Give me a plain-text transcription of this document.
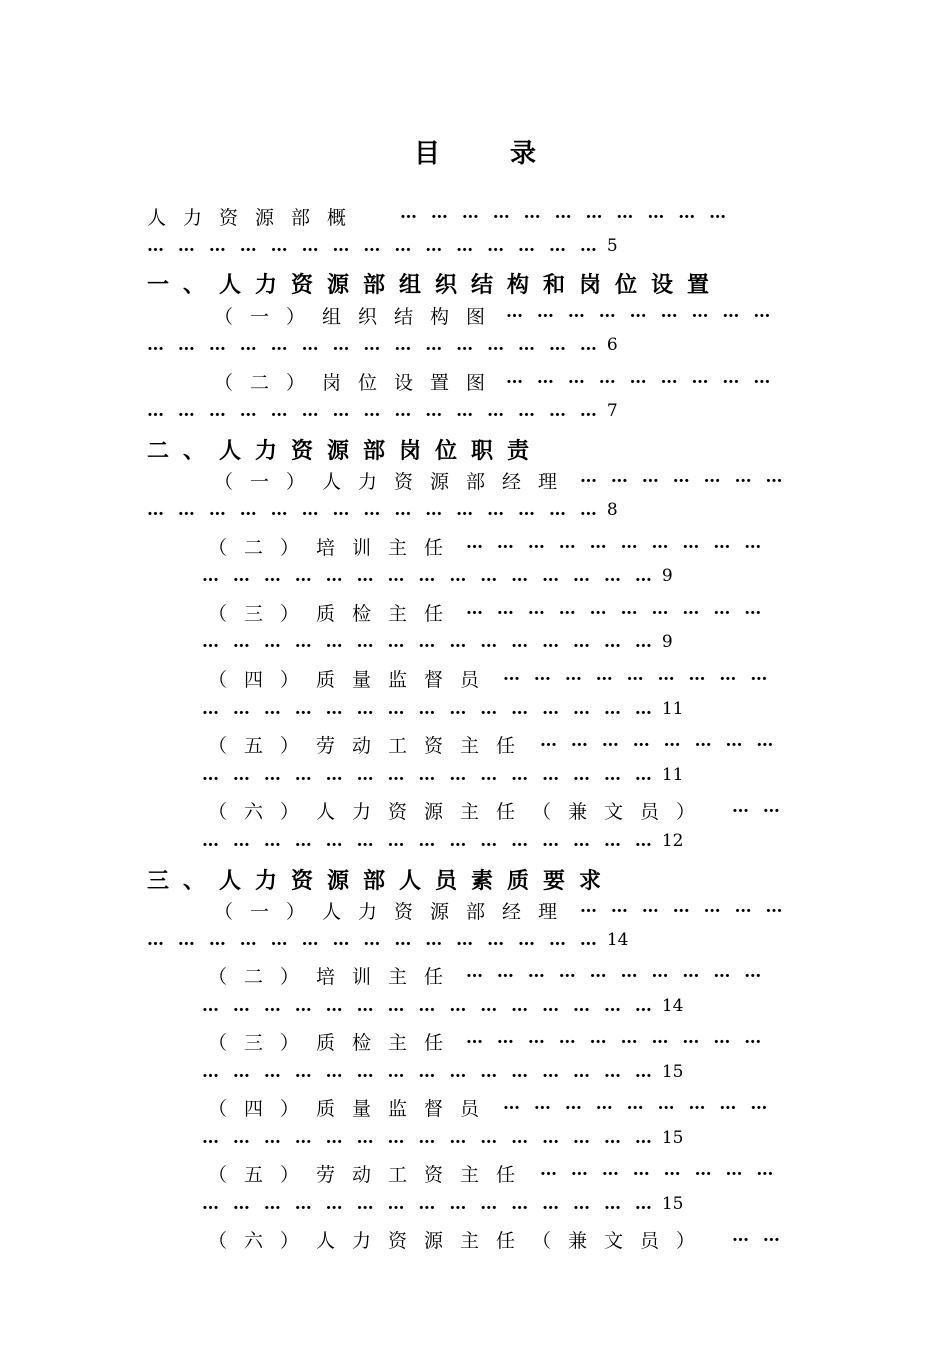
目	录
人力资源部概 … … … … … … … … … … …
… … … … … … … … … … … … … … … 5
一、人力资源部组织结构和岗位设置
（一）组织结构图 … … … … … … … … …
… … … … … … … … … … … … … … … 6
（二）岗位设置图 … … … … … … … … …
… … … … … … … … … … … … … … … 7
二、人力资源部岗位职责
（一）人力资源部经理 … … … … … … …
… … … … … … … … … … … … … … … 8
（二）培训主任 … … … … … … … … … …
… … … … … … … … … … … … … … … 9
（三）质检主任 … … … … … … … … … …
… … … … … … … … … … … … … … … 9
（四）质量监督员 … … … … … … … … …
… … … … … … … … … … … … … … … 11
（五）劳动工资主任 … … … … … … … …
… … … … … … … … … … … … … … … 11
（六）人力资源主任（兼文员） … …
… … … … … … … … … … … … … … … 12
三、人力资源部人员素质要求
（一）人力资源部经理 … … … … … … …
… … … … … … … … … … … … … … … 14
（二）培训主任 … … … … … … … … … …
… … … … … … … … … … … … … … … 14
（三）质检主任 … … … … … … … … … …
… … … … … … … … … … … … … … … 15
（四）质量监督员 … … … … … … … … …
… … … … … … … … … … … … … … … 15
（五）劳动工资主任 … … … … … … … …
… … … … … … … … … … … … … … … 15
（六）人力资源主任（兼文员） … …
